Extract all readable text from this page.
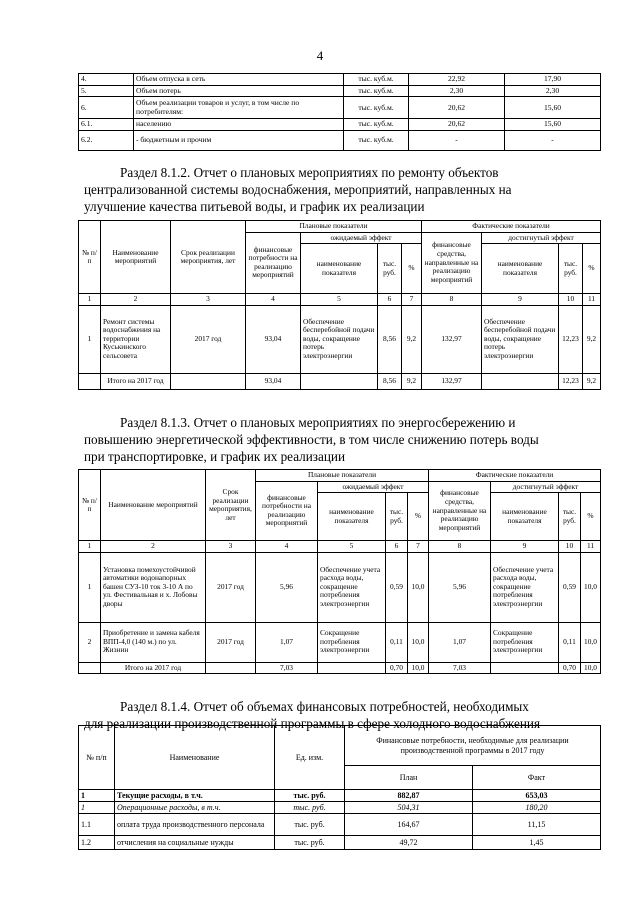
4
4.	Объем отпуска в сеть	тыс. куб.м.	22,92	17,90
5.	Объем потерь	тыс. куб.м.	2,30	2,30
6.	Объем реализации товаров и услуг, в том числе по потребителям:	тыс. куб.м.	20,62	15,60
6.1.	населению	тыс. куб.м.	20,62	15,60
6.2.	- бюджетным и прочим	тыс. куб.м.	-	-
Раздел 8.1.2. Отчет о плановых мероприятиях по ремонту объектов
централизованной системы водоснабжения, мероприятий, направленных на
улучшение качества питьевой воды, и график их реализации
№ п/п	Наименование мероприятий	Срок реализации мероприятия, лет	Плановые показатели				Фактические показатели			
			финансовые потребности на реализацию мероприятий	ожидаемый эффект			финансовые средства, направленные на реализацию мероприятий	достигнутый эффект		
				наименование показателя	тыс. руб.	%		наименование показателя	тыс. руб.	%
1	2	3	4	5	6	7	8	9	10	11
1	Ремонт системы водоснабжения на территории Куськинского сельсовета	2017 год	93,04	Обеспечение бесперебойной подачи воды, сокращение потерь электроэнергии	8,56	9,2	132,97	Обеспечение бесперебойной подачи воды, сокращение потерь электроэнергии	12,23	9,2
	Итого на 2017 год		93,04		8,56	9,2	132,97		12,23	9,2
Раздел 8.1.3. Отчет о плановых мероприятиях по энергосбережению и
повышению энергетической эффективности, в том числе снижению потерь воды
при транспортировке, и график их реализации
№ п/п	Наименование мероприятий	Срок реализации мероприятия, лет	Плановые показатели				Фактические показатели			
			финансовые потребности на реализацию мероприятий	ожидаемый эффект			финансовые средства, направленные на реализацию мероприятий	достигнутый эффект		
				наименование показателя	тыс. руб.	%		наименование показателя	тыс. руб.	%
1	2	3	4	5	6	7	8	9	10	11
1	Установка помехоустойчивой автоматики водонапорных башен СУЗ-10 ток 3-10 А по ул. Фестивальная и х. Лобовы дворы	2017 год	5,96	Обеспечение учета расхода воды, сокращение потребления электроэнергии	0,59	10,0	5,96	Обеспечение учета расхода воды, сокращение потребления электроэнергии	0,59	10,0
2	Приобретение и замена кабеля ВПП-4,0 (140 м.) по ул. Жизнин	2017 год	1,07	Сокращение потребления электроэнергии	0,11	10,0	1,07	Сокращение потребления электроэнергии	0,11	10,0
	Итого на 2017 год		7,03		0,70	10,0	7,03		0,70	10,0
Раздел 8.1.4. Отчет об объемах финансовых потребностей, необходимых
для реализации производственной программы в сфере холодного водоснабжения
№ п/п	Наименование	Ед. изм.	Финансовые потребности, необходимые для реализации производственной программы в 2017 году	
			План	Факт
1	Текущие расходы, в т.ч.	тыс. руб.	882,87	653,03
1	Операционные расходы, в т.ч.	тыс. руб.	504,31	180,20
1.1	оплата труда производственного персонала	тыс. руб.	164,67	11,15
1.2	отчисления на социальные нужды	тыс. руб.	49,72	1,45
